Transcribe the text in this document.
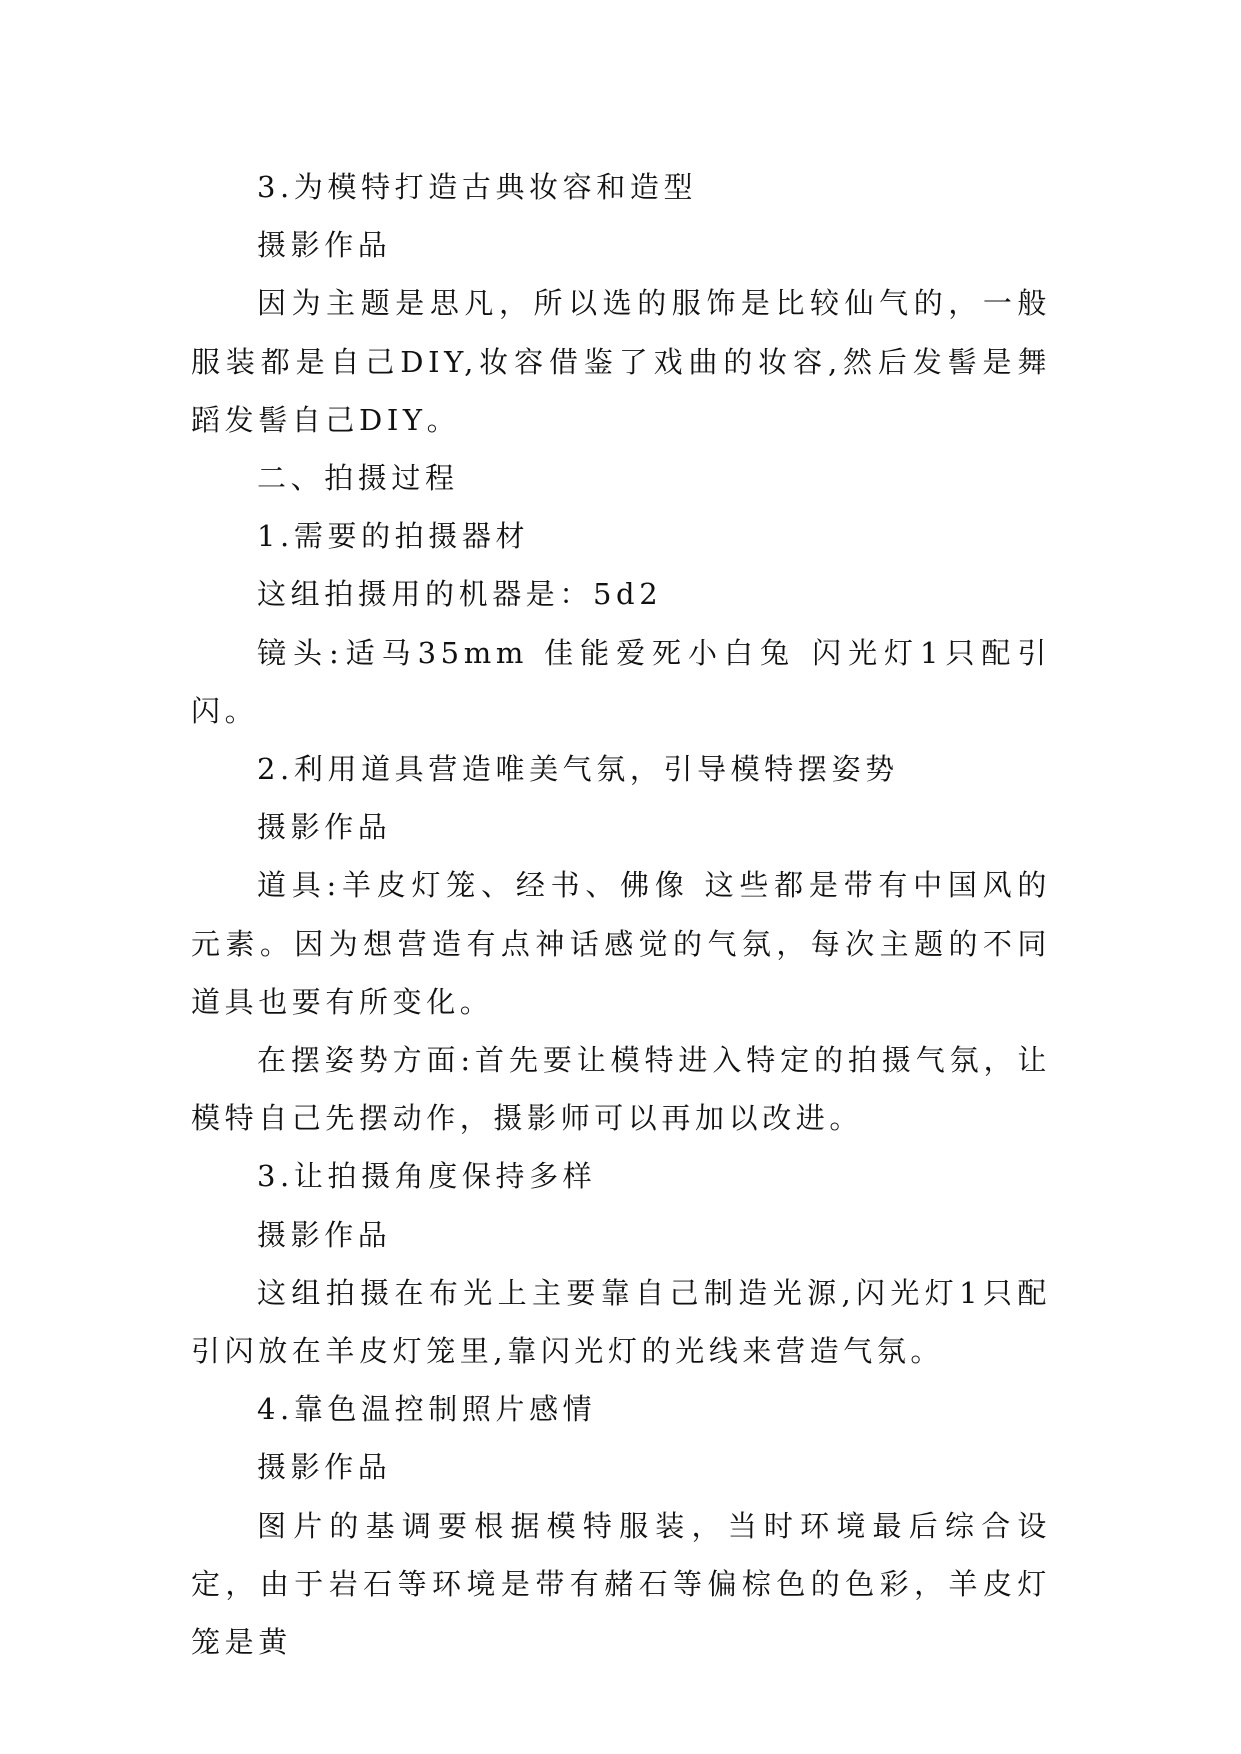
3.为模特打造古典妆容和造型

摄影作品

因为主题是思凡，所以选的服饰是比较仙气的，一般服装都是自己DIY,妆容借鉴了戏曲的妆容,然后发髻是舞蹈发髻自己DIY。

二、拍摄过程

1.需要的拍摄器材

这组拍摄用的机器是：5d2

镜头:适马35mm 佳能爱死小白兔 闪光灯1只配引闪。

2.利用道具营造唯美气氛，引导模特摆姿势

摄影作品

道具:羊皮灯笼、经书、佛像 这些都是带有中国风的元素。因为想营造有点神话感觉的气氛，每次主题的不同道具也要有所变化。

在摆姿势方面:首先要让模特进入特定的拍摄气氛，让模特自己先摆动作，摄影师可以再加以改进。

3.让拍摄角度保持多样

摄影作品

这组拍摄在布光上主要靠自己制造光源,闪光灯1只配引闪放在羊皮灯笼里,靠闪光灯的光线来营造气氛。

4.靠色温控制照片感情

摄影作品

图片的基调要根据模特服装，当时环境最后综合设定，由于岩石等环境是带有赭石等偏棕色的色彩，羊皮灯笼是黄
